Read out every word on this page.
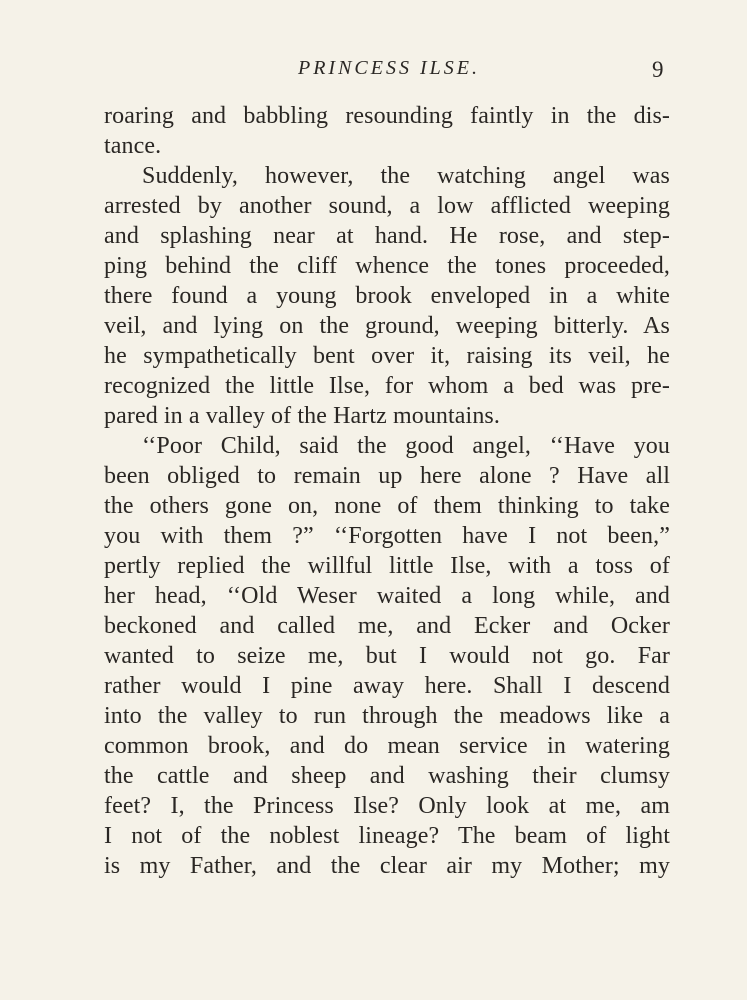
PRINCESS ILSE.	9
roaring and babbling resounding faintly in the dis-
tance.
Suddenly, however, the watching angel was
arrested by another sound, a low afflicted weeping
and splashing near at hand. He rose, and step-
ping behind the cliff whence the tones proceeded,
there found a young brook enveloped in a white
veil, and lying on the ground, weeping bitterly. As
he sympathetically bent over it, raising its veil, he
recognized the little Ilse, for whom a bed was pre-
pared in a valley of the Hartz mountains.
‘‘Poor Child, said the good angel, ‘‘Have you
been obliged to remain up here alone ? Have all
the others gone on, none of them thinking to take
you with them ?” ‘‘Forgotten have I not been,”
pertly replied the willful little Ilse, with a toss of
her head, ‘‘Old Weser waited a long while, and
beckoned and called me, and Ecker and Ocker
wanted to seize me, but I would not go. Far
rather would I pine away here. Shall I descend
into the valley to run through the meadows like a
common brook, and do mean service in watering
the cattle and sheep and washing their clumsy
feet? I, the Princess Ilse? Only look at me, am
I not of the noblest lineage? The beam of light
is my Father, and the clear air my Mother; my
